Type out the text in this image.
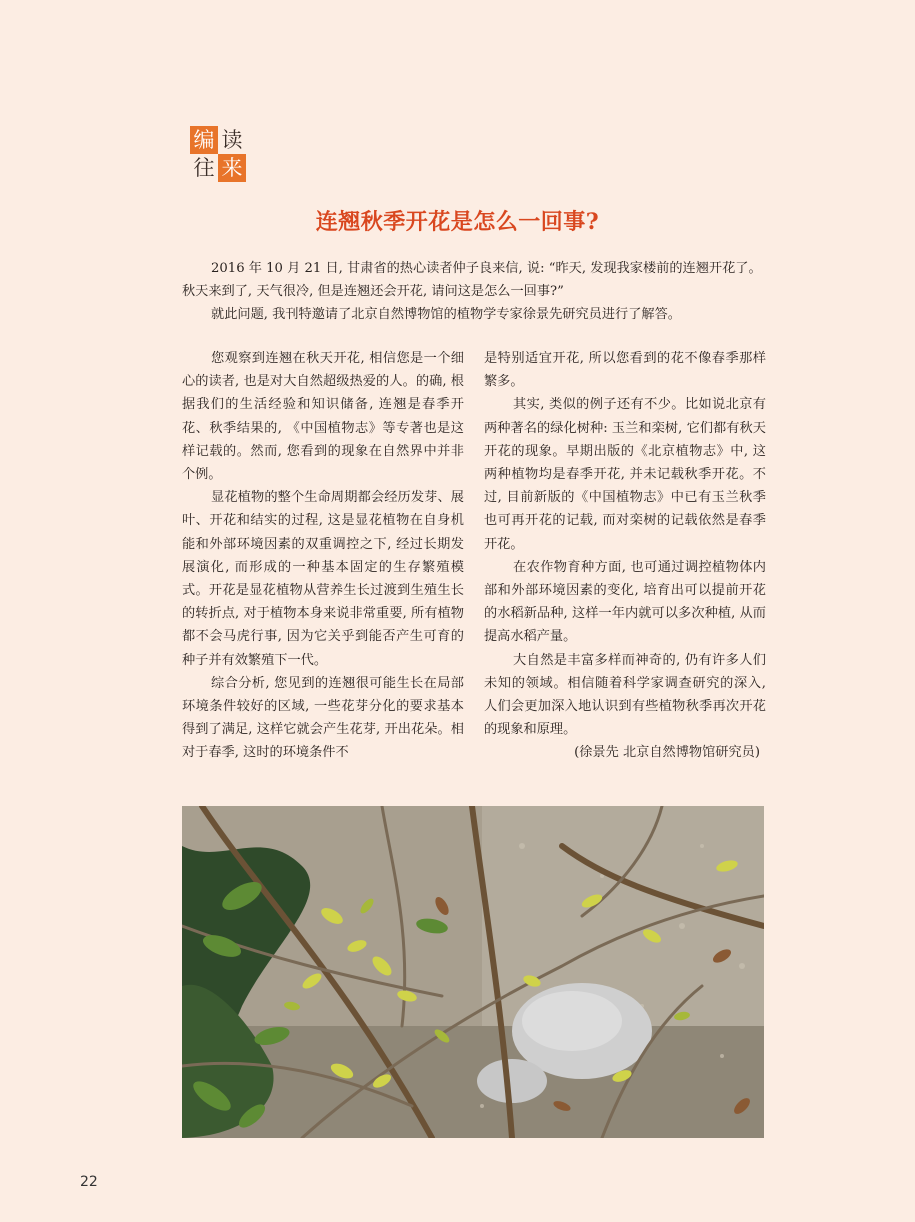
编 读
往 来
连翘秋季开花是怎么一回事?

2016 年 10 月 21 日, 甘肃省的热心读者仲子良来信, 说: “昨天, 发现我家楼前的连翘开花了。秋天来到了, 天气很冷, 但是连翘还会开花, 请问这是怎么一回事?”

就此问题, 我刊特邀请了北京自然博物馆的植物学专家徐景先研究员进行了解答。

您观察到连翘在秋天开花, 相信您是一个细心的读者, 也是对大自然超级热爱的人。的确, 根据我们的生活经验和知识储备, 连翘是春季开花、秋季结果的, 《中国植物志》等专著也是这样记载的。然而, 您看到的现象在自然界中并非个例。

显花植物的整个生命周期都会经历发芽、展叶、开花和结实的过程, 这是显花植物在自身机能和外部环境因素的双重调控之下, 经过长期发展演化, 而形成的一种基本固定的生存繁殖模式。开花是显花植物从营养生长过渡到生殖生长的转折点, 对于植物本身来说非常重要, 所有植物都不会马虎行事, 因为它关乎到能否产生可育的种子并有效繁殖下一代。

综合分析, 您见到的连翘很可能生长在局部环境条件较好的区域, 一些花芽分化的要求基本得到了满足, 这样它就会产生花芽, 开出花朵。相对于春季, 这时的环境条件不

是特别适宜开花, 所以您看到的花不像春季那样繁多。

其实, 类似的例子还有不少。比如说北京有两种著名的绿化树种: 玉兰和栾树, 它们都有秋天开花的现象。早期出版的《北京植物志》中, 这两种植物均是春季开花, 并未记载秋季开花。不过, 目前新版的《中国植物志》中已有玉兰秋季也可再开花的记载, 而对栾树的记载依然是春季开花。

在农作物育种方面, 也可通过调控植物体内部和外部环境因素的变化, 培育出可以提前开花的水稻新品种, 这样一年内就可以多次种植, 从而提高水稻产量。

大自然是丰富多样而神奇的, 仍有许多人们未知的领域。相信随着科学家调查研究的深入, 人们会更加深入地认识到有些植物秋季再次开花的现象和原理。

(徐景先 北京自然博物馆研究员)

22
